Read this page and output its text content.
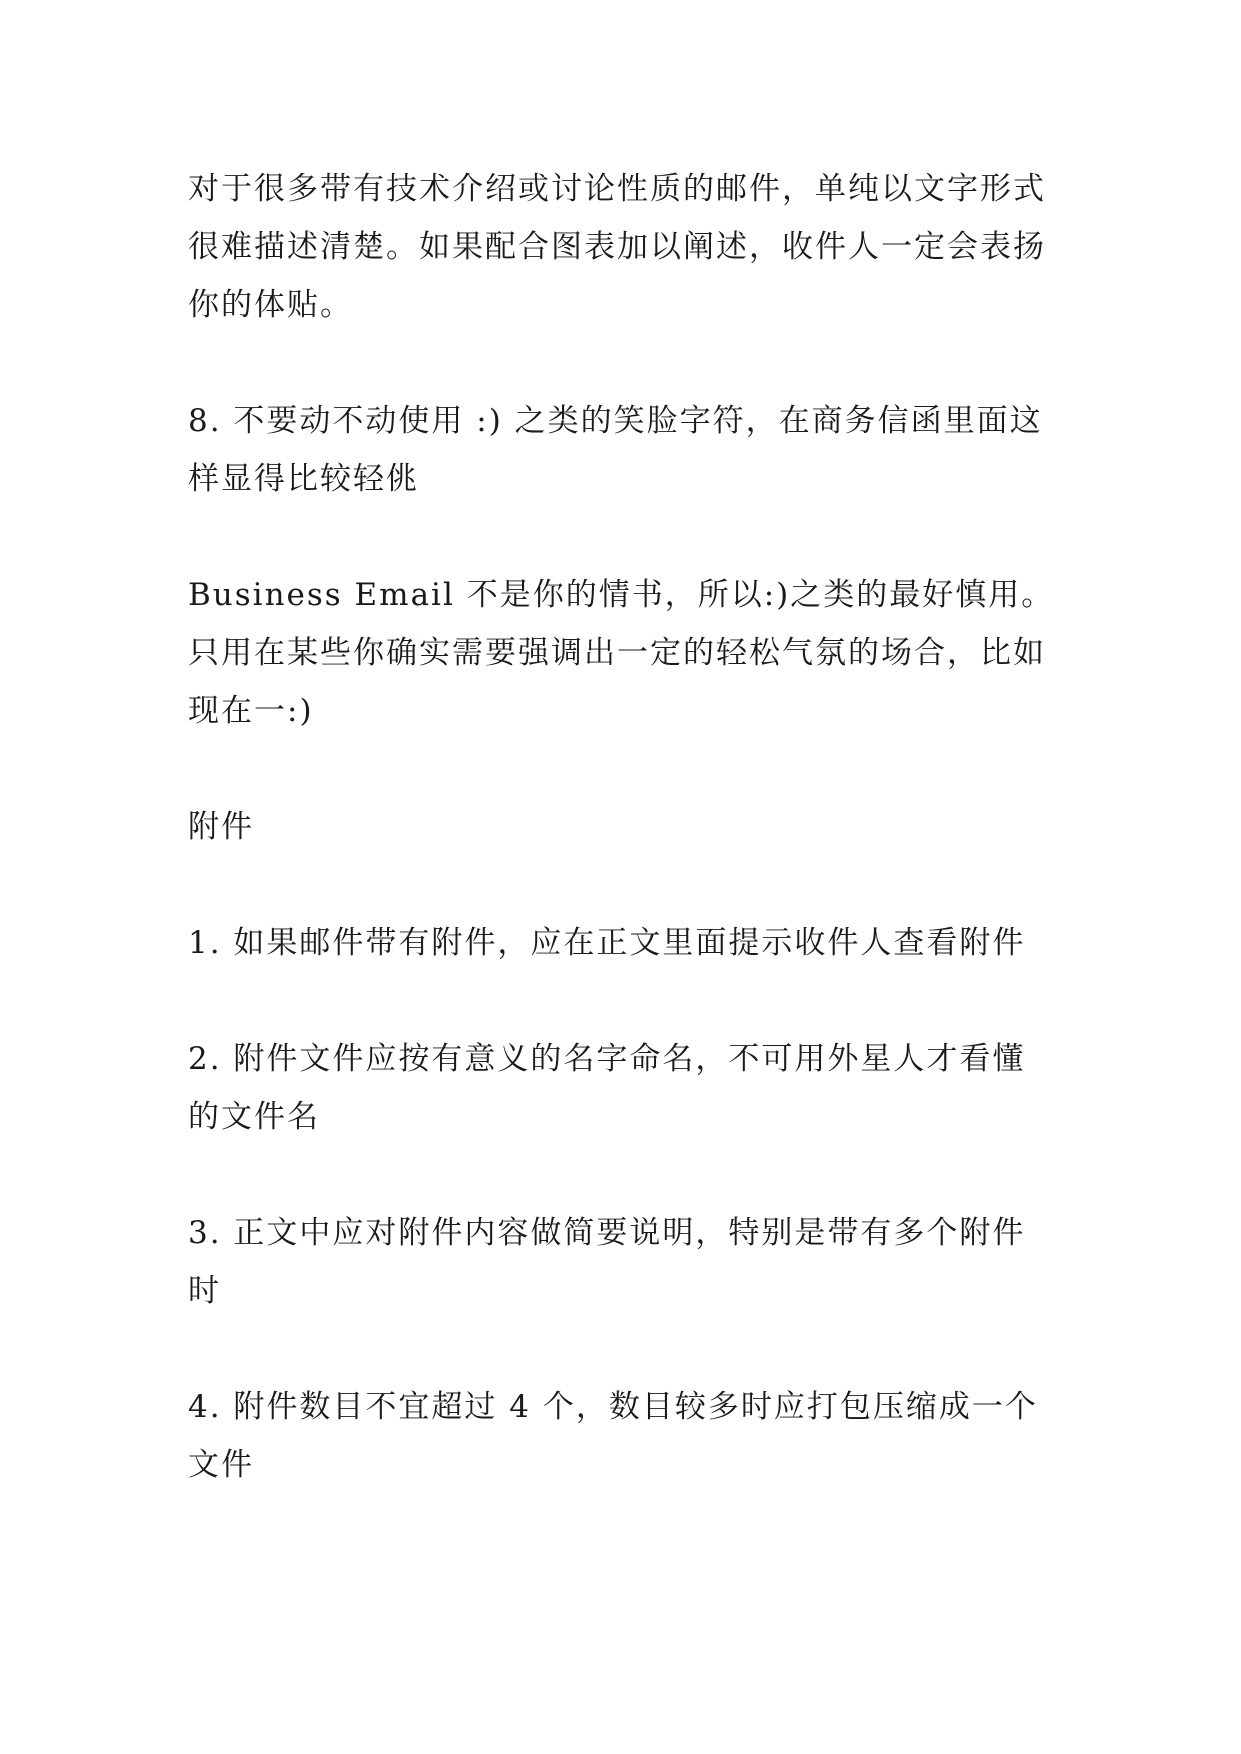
对于很多带有技术介绍或讨论性质的邮件，单纯以文字形式很难描述清楚。如果配合图表加以阐述，收件人一定会表扬你的体贴。

8. 不要动不动使用 :) 之类的笑脸字符，在商务信函里面这样显得比较轻佻

Business Email 不是你的情书，所以:)之类的最好慎用。只用在某些你确实需要强调出一定的轻松气氛的场合，比如现在一:)

附件

1. 如果邮件带有附件，应在正文里面提示收件人查看附件

2. 附件文件应按有意义的名字命名，不可用外星人才看懂的文件名

3. 正文中应对附件内容做简要说明，特别是带有多个附件时

4. 附件数目不宜超过 4 个，数目较多时应打包压缩成一个文件
